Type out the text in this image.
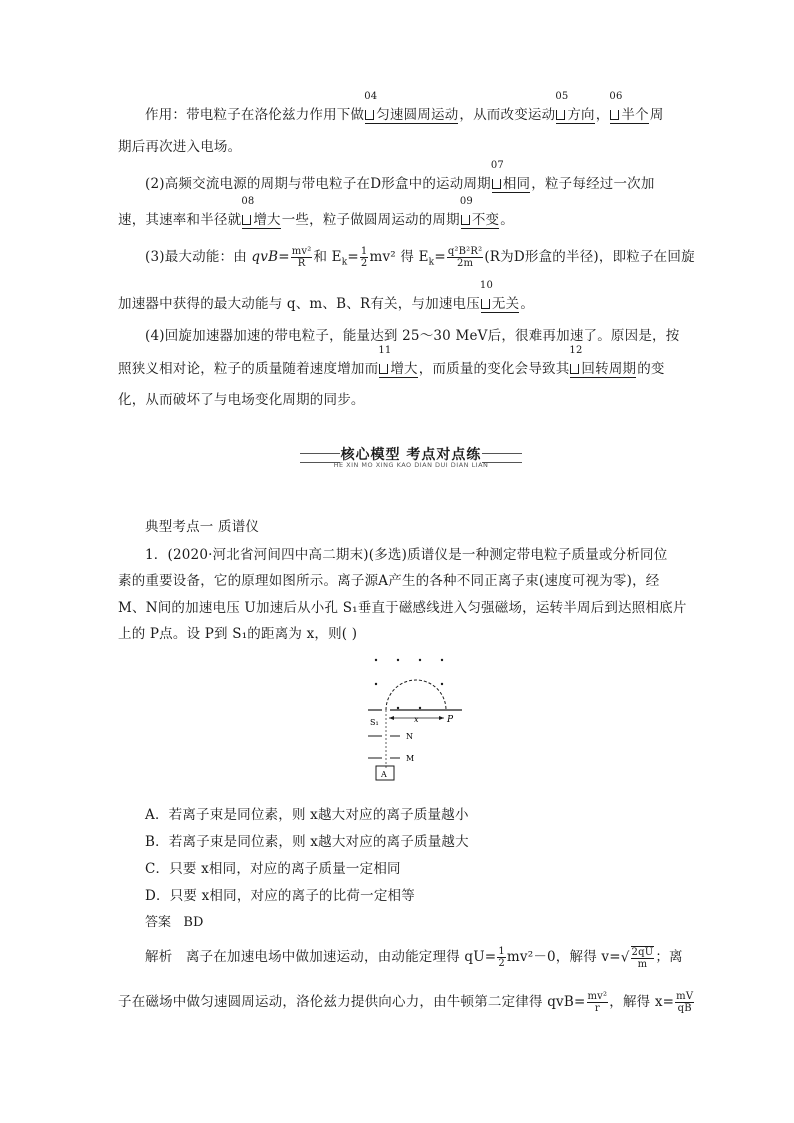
作用：带电粒子在洛伦兹力作用下做
04
匀速圆周运动，从而改变运动
05
方向，
06
半个周
期后再次进入电场。
(2)高频交流电源的周期与带电粒子在D形盒中的运动周期
07
相同，粒子每经过一次加
速，其速率和半径就
08
增大一些，粒子做圆周运动的周期
09
不变。
(3)最大动能：由 $qvB= \frac{\text{mv²}}{R}$ 和 $E_k= \frac{1}{2} mv^2$ 得 $E_k= \frac{\text{q²B²R²}}{2m} (R$为D形盒的半径)，即粒子在回旋
加速器中获得的最大动能与 q、m、B、R有关，与加速电压
10
无关。
(4)回旋加速器加速的带电粒子，能量达到 25～30 MeV后，很难再加速了。原因是，按
照狭义相对论，粒子的质量随着速度增加而
11
增大，而质量的变化会导致其
12
回转周期的变
化，从而破坏了与电场变化周期的同步。
核心模型 考点对点练
HE XIN MO XING KAO DIAN DUI DIAN LIAN
典型考点一 质谱仪
1．(2020·河北省河间四中高二期末)(多选)质谱仪是一种测定带电粒子质量或分析同位
素的重要设备，它的原理如图所示。离子源A产生的各种不同正离子束(速度可视为零)，经
M、N间的加速电压 U加速后从小孔 S₁垂直于磁感线进入匀强磁场，运转半周后到达照相底片
上的 P点。设 P到 S₁的距离为 x，则( )
S₁	x	P
N
M
A
A．若离子束是同位素，则 x越大对应的离子质量越小
B．若离子束是同位素，则 x越大对应的离子质量越大
C．只要 x相同，对应的离子质量一定相同
D．只要 x相同，对应的离子的比荷一定相等
答案 BD
解析 离子在加速电场中做加速运动，由动能定理得 $qU= \frac{1}{2} mv^2-0$，解得 $v=√ \frac{2qU}{m}$ ；离
子在磁场中做匀速圆周运动，洛伦兹力提供向心力，由牛顿第二定律得 $qvB= \frac{\text{mv²}}{r}$ ，解得 $x= \frac{mV}{qB}$
